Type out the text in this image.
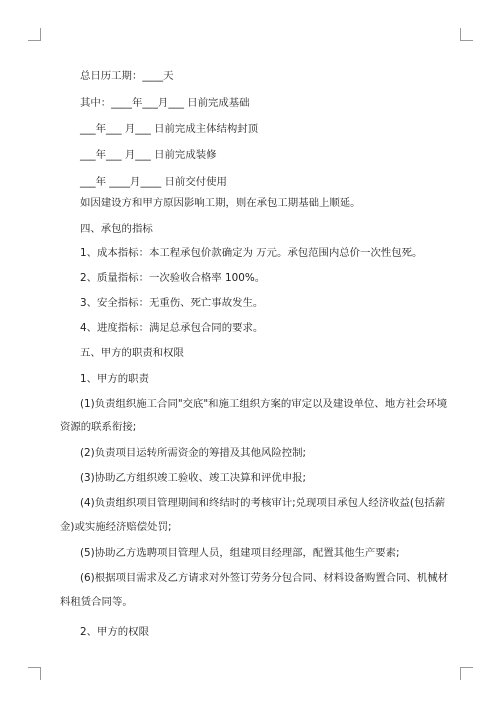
总日历工期：____天
其中：____年___月___ 日前完成基础
___年___ 月___ 日前完成主体结构封顶
___年___ 月___ 日前完成装修
___年 ____月____ 日前交付使用
如因建设方和甲方原因影响工期，则在承包工期基础上顺延。
四、承包的指标
1、成本指标：本工程承包价款确定为 万元。承包范围内总价一次性包死。
2、质量指标：一次验收合格率 100%。
3、安全指标：无重伤、死亡事故发生。
4、进度指标：满足总承包合同的要求。
五、甲方的职责和权限
1、甲方的职责
(1)负责组织施工合同"交底"和施工组织方案的审定以及建设单位、地方社会环境
资源的联系衔接;
(2)负责项目运转所需资金的筹措及其他风险控制;
(3)协助乙方组织竣工验收、竣工决算和评优申报;
(4)负责组织项目管理期间和终结时的考核审计;兑现项目承包人经济收益(包括薪
金)或实施经济赔偿处罚;
(5)协助乙方选聘项目管理人员，组建项目经理部，配置其他生产要素;
(6)根据项目需求及乙方请求对外签订劳务分包合同、材料设备购置合同、机械材
料租赁合同等。
2、甲方的权限
